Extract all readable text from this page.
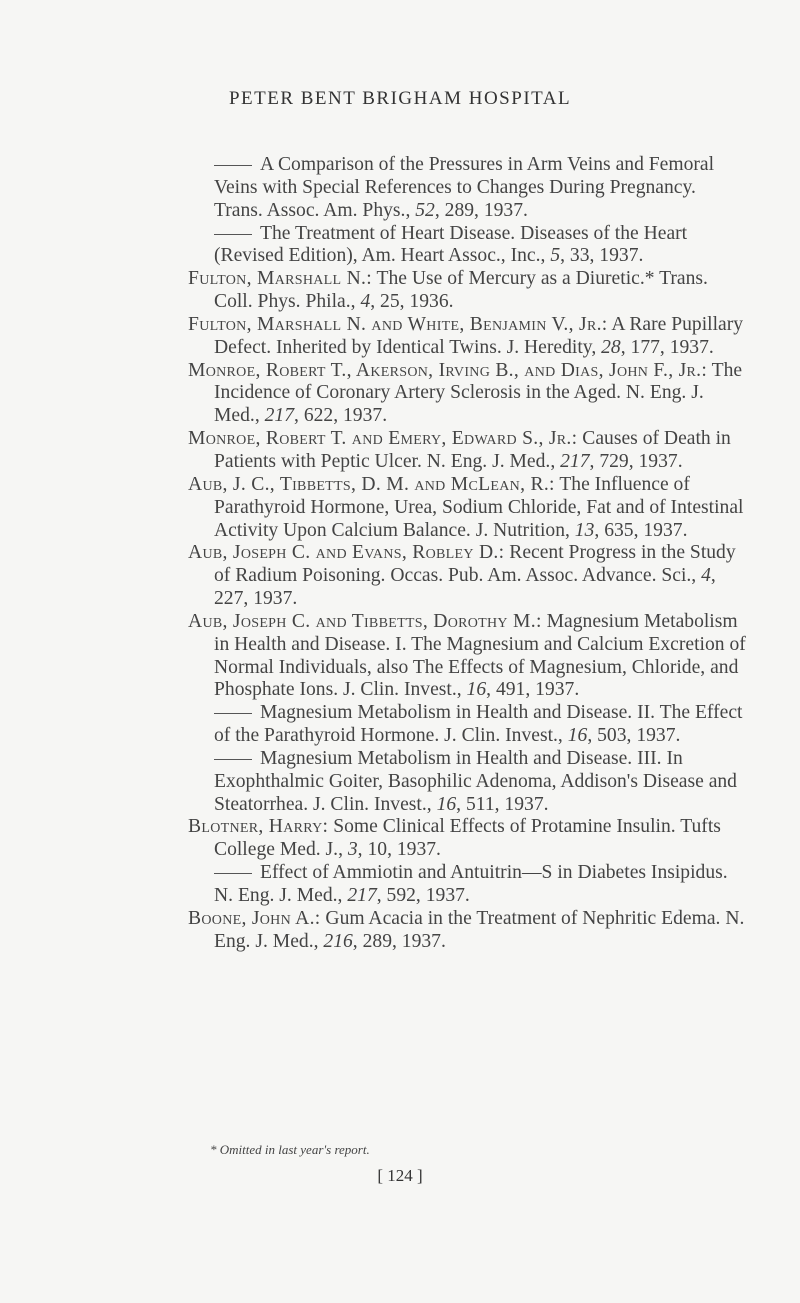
PETER BENT BRIGHAM HOSPITAL

A Comparison of the Pressures in Arm Veins and Femoral Veins with Special References to Changes During Pregnancy. Trans. Assoc. Am. Phys., 52, 289, 1937.

The Treatment of Heart Disease. Diseases of the Heart (Revised Edition), Am. Heart Assoc., Inc., 5, 33, 1937.

Fulton, Marshall N.: The Use of Mercury as a Diuretic.* Trans. Coll. Phys. Phila., 4, 25, 1936.

Fulton, Marshall N. and White, Benjamin V., Jr.: A Rare Pupillary Defect. Inherited by Identical Twins. J. Heredity, 28, 177, 1937.

Monroe, Robert T., Akerson, Irving B., and Dias, John F., Jr.: The Incidence of Coronary Artery Sclerosis in the Aged. N. Eng. J. Med., 217, 622, 1937.

Monroe, Robert T. and Emery, Edward S., Jr.: Causes of Death in Patients with Peptic Ulcer. N. Eng. J. Med., 217, 729, 1937.

Aub, J. C., Tibbetts, D. M. and McLean, R.: The Influence of Parathyroid Hormone, Urea, Sodium Chloride, Fat and of Intestinal Activity Upon Calcium Balance. J. Nutrition, 13, 635, 1937.

Aub, Joseph C. and Evans, Robley D.: Recent Progress in the Study of Radium Poisoning. Occas. Pub. Am. Assoc. Advance. Sci., 4, 227, 1937.

Aub, Joseph C. and Tibbetts, Dorothy M.: Magnesium Metabolism in Health and Disease. I. The Magnesium and Calcium Excretion of Normal Individuals, also The Effects of Magnesium, Chloride, and Phosphate Ions. J. Clin. Invest., 16, 491, 1937.

Magnesium Metabolism in Health and Disease. II. The Effect of the Parathyroid Hormone. J. Clin. Invest., 16, 503, 1937.

Magnesium Metabolism in Health and Disease. III. In Exophthalmic Goiter, Basophilic Adenoma, Addison's Disease and Steatorrhea. J. Clin. Invest., 16, 511, 1937.

Blotner, Harry: Some Clinical Effects of Protamine Insulin. Tufts College Med. J., 3, 10, 1937.

Effect of Ammiotin and Antuitrin—S in Diabetes Insipidus. N. Eng. J. Med., 217, 592, 1937.

Boone, John A.: Gum Acacia in the Treatment of Nephritic Edema. N. Eng. J. Med., 216, 289, 1937.

* Omitted in last year's report.
[ 124 ]
